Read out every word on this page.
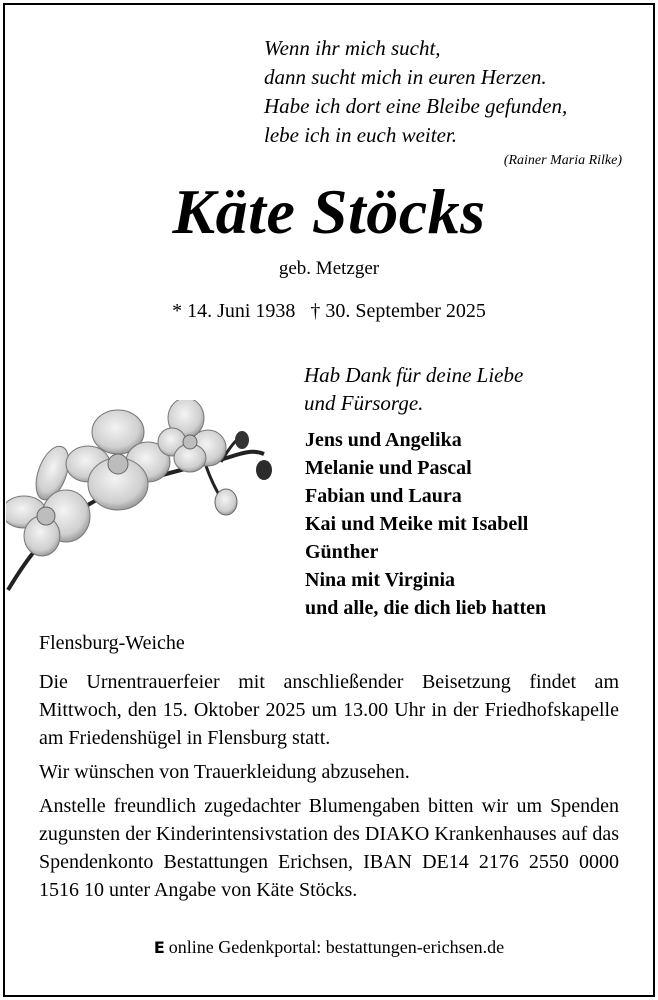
Wenn ihr mich sucht,
dann sucht mich in euren Herzen.
Habe ich dort eine Bleibe gefunden,
lebe ich in euch weiter.
(Rainer Maria Rilke)
Käte Stöcks
geb. Metzger
* 14. Juni 1938   † 30. September 2025
Hab Dank für deine Liebe
und Fürsorge.
Jens und Angelika
Melanie und Pascal
Fabian und Laura
Kai und Meike mit Isabell
Günther
Nina mit Virginia
und alle, die dich lieb hatten
Flensburg-Weiche

Die Urnentrauerfeier mit anschließender Beisetzung findet am Mittwoch, den 15. Oktober 2025 um 13.00 Uhr in der Friedhofskapelle am Friedenshügel in Flensburg statt.

Wir wünschen von Trauerkleidung abzusehen.

Anstelle freundlich zugedachter Blumengaben bitten wir um Spenden zugunsten der Kinderintensivstation des DIAKO Krankenhauses auf das Spendenkonto Bestattungen Erichsen, IBAN DE14 2176 2550 0000 1516 10 unter Angabe von Käte Stöcks.

E online Gedenkportal: bestattungen-erichsen.de
